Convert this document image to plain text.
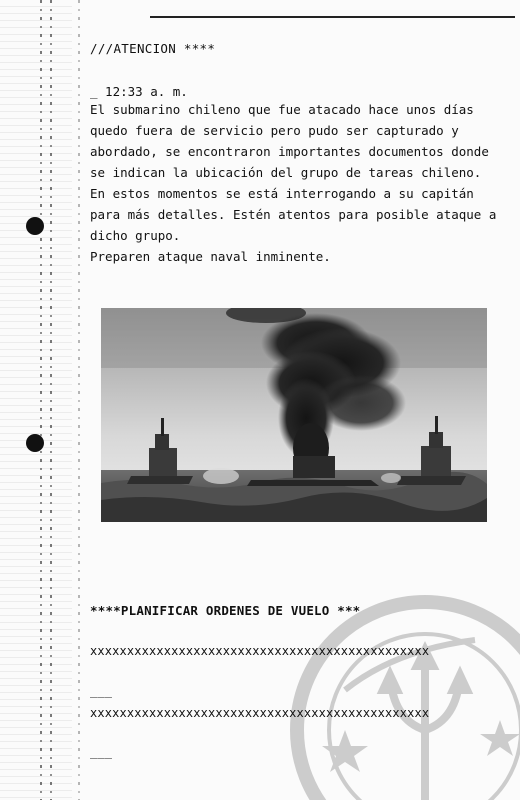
///ATENCION ****
_ 12:33 a. m.
El submarino chileno que fue atacado hace unos días quedo fuera de servicio pero pudo ser capturado y abordado, se encontraron importantes documentos donde se indican la ubicación del grupo de tareas chileno. En estos momentos se está interrogando a su capitán para más detalles. Estén atentos para posible ataque a dicho grupo.
Preparen ataque naval inminente.
****PLANIFICAR ORDENES DE VUELO ***
xxxxxxxxxxxxxxxxxxxxxxxxxxxxxxxxxxxxxxxxxxxxxx
___
xxxxxxxxxxxxxxxxxxxxxxxxxxxxxxxxxxxxxxxxxxxxxx
___
